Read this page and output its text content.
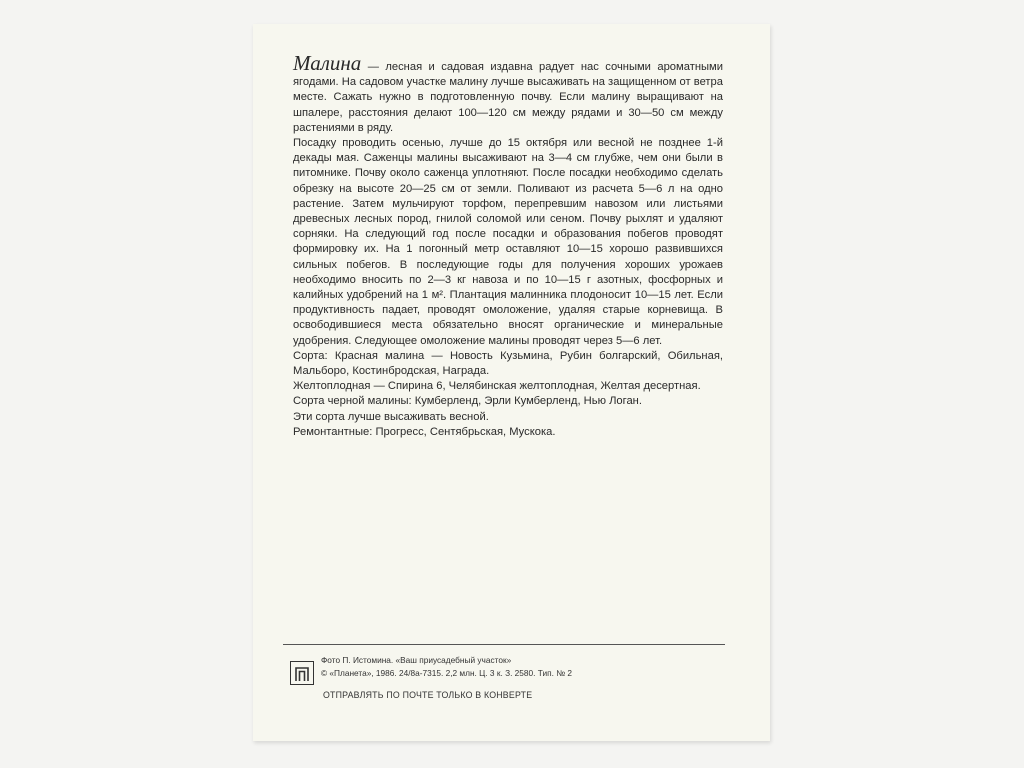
Малина — лесная и садовая издавна радует нас сочными ароматными ягодами. На садовом участке малину лучше высаживать на защищенном от ветра месте. Сажать нужно в подготовленную почву. Если малину выращивают на шпалере, расстояния делают 100—120 см между рядами и 30—50 см между растениями в ряду.

Посадку проводить осенью, лучше до 15 октября или весной не позднее 1-й декады мая. Саженцы малины высаживают на 3—4 см глубже, чем они были в питомнике. Почву около саженца уплотняют. После посадки необходимо сделать обрезку на высоте 20—25 см от земли. Поливают из расчета 5—6 л на одно растение. Затем мульчируют торфом, перепревшим навозом или листьями древесных лесных пород, гнилой соломой или сеном. Почву рыхлят и удаляют сорняки. На следующий год после посадки и образования побегов проводят формировку их. На 1 погонный метр оставляют 10—15 хорошо развившихся сильных побегов. В последующие годы для получения хороших урожаев необходимо вносить по 2—3 кг навоза и по 10—15 г азотных, фосфорных и калийных удобрений на 1 м². Плантация малинника плодоносит 10—15 лет. Если продуктивность падает, проводят омоложение, удаляя старые корневища. В освободившиеся места обязательно вносят органические и минеральные удобрения. Следующее омоложение малины проводят через 5—6 лет.

Сорта: Красная малина — Новость Кузьмина, Рубин болгарский, Обильная, Мальборо, Костинбродская, Награда.

Желтоплодная — Спирина 6, Челябинская желтоплодная, Желтая десертная.

Сорта черной малины: Кумберленд, Эрли Кумберленд, Нью Логан.

Эти сорта лучше высаживать весной.

Ремонтантные: Прогресс, Сентябрьская, Мускока.

Фото П. Истомина. «Ваш приусадебный участок»
© «Планета», 1986. 24/8а-7315. 2,2 млн. Ц. 3 к. З. 2580. Тип. № 2
ОТПРАВЛЯТЬ ПО ПОЧТЕ ТОЛЬКО В КОНВЕРТЕ
